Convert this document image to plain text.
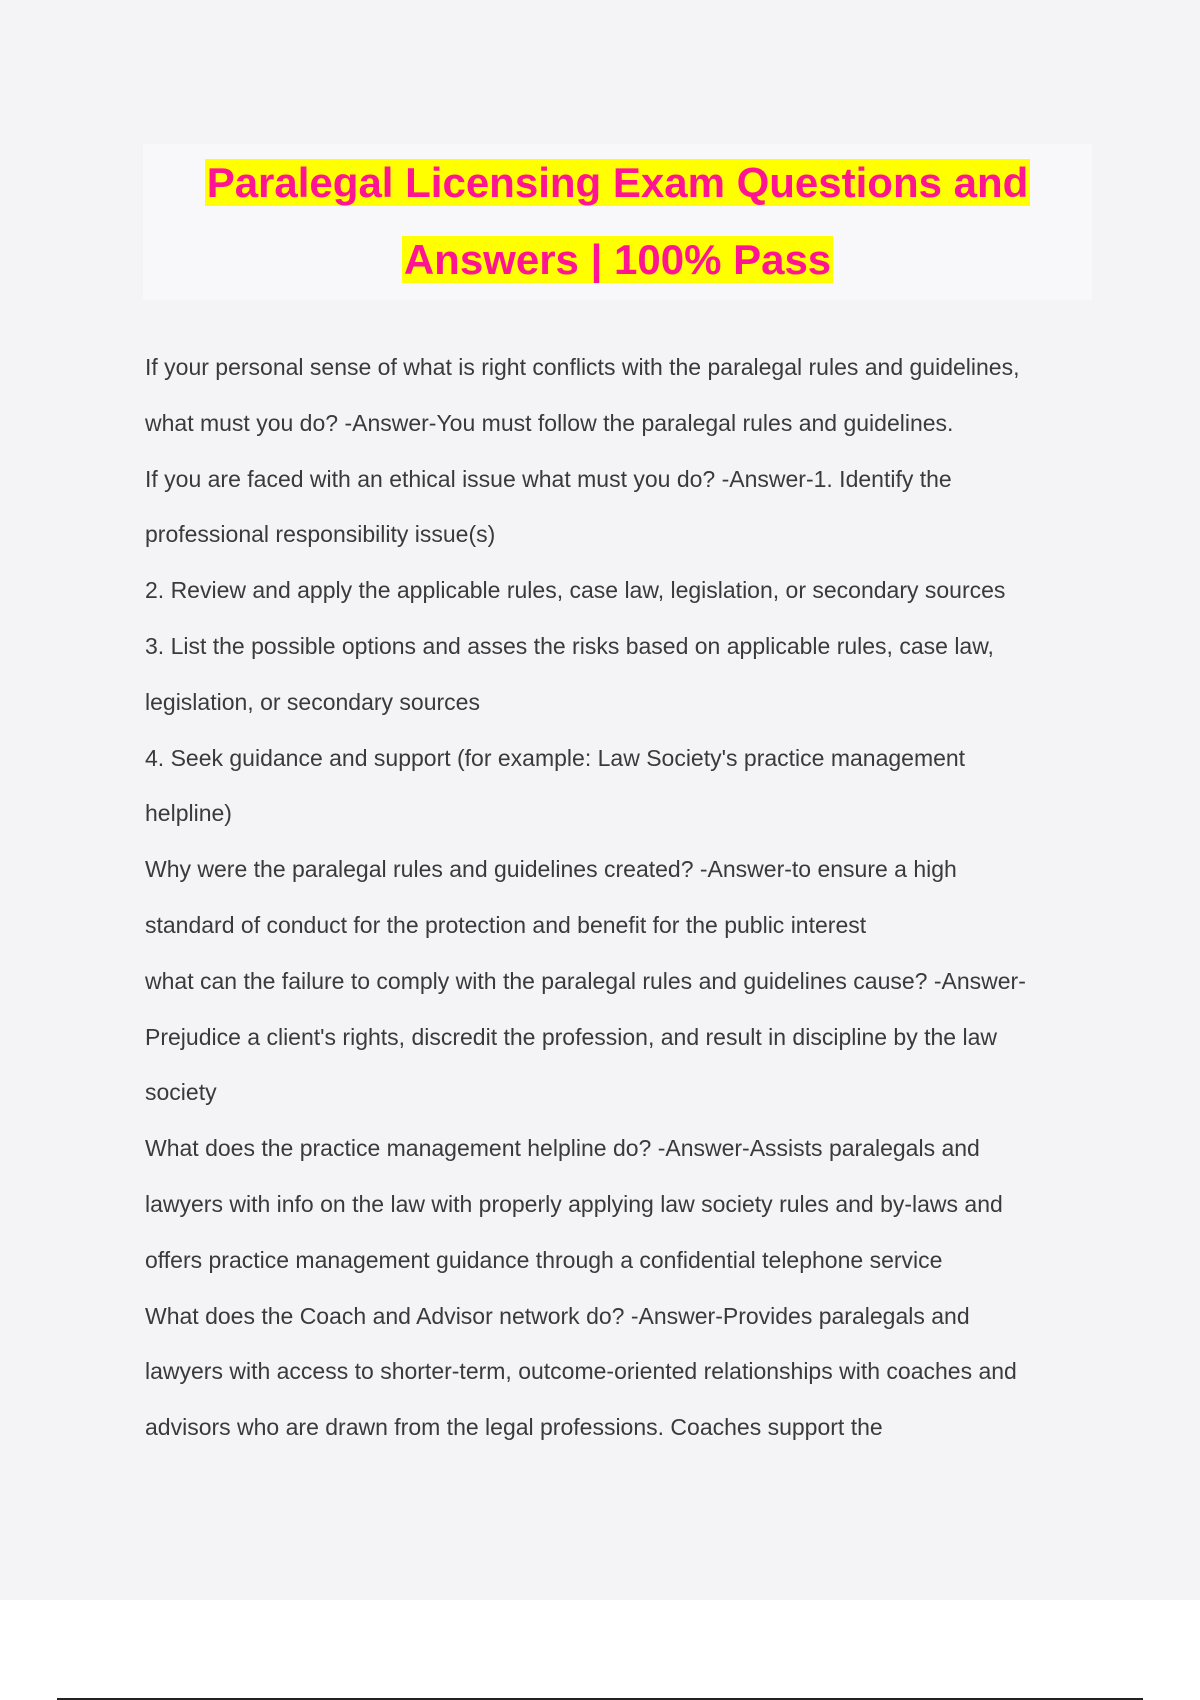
Paralegal Licensing Exam Questions and

Answers | 100% Pass

If your personal sense of what is right conflicts with the paralegal rules and guidelines,
what must you do? -Answer-You must follow the paralegal rules and guidelines.
If you are faced with an ethical issue what must you do? -Answer-1. Identify the
professional responsibility issue(s)
2. Review and apply the applicable rules, case law, legislation, or secondary sources
3. List the possible options and asses the risks based on applicable rules, case law,
legislation, or secondary sources
4. Seek guidance and support (for example: Law Society's practice management
helpline)
Why were the paralegal rules and guidelines created? -Answer-to ensure a high
standard of conduct for the protection and benefit for the public interest
what can the failure to comply with the paralegal rules and guidelines cause? -Answer-
Prejudice a client's rights, discredit the profession, and result in discipline by the law
society
What does the practice management helpline do? -Answer-Assists paralegals and
lawyers with info on the law with properly applying law society rules and by-laws and
offers practice management guidance through a confidential telephone service
What does the Coach and Advisor network do? -Answer-Provides paralegals and
lawyers with access to shorter-term, outcome-oriented relationships with coaches and
advisors who are drawn from the legal professions. Coaches support the
